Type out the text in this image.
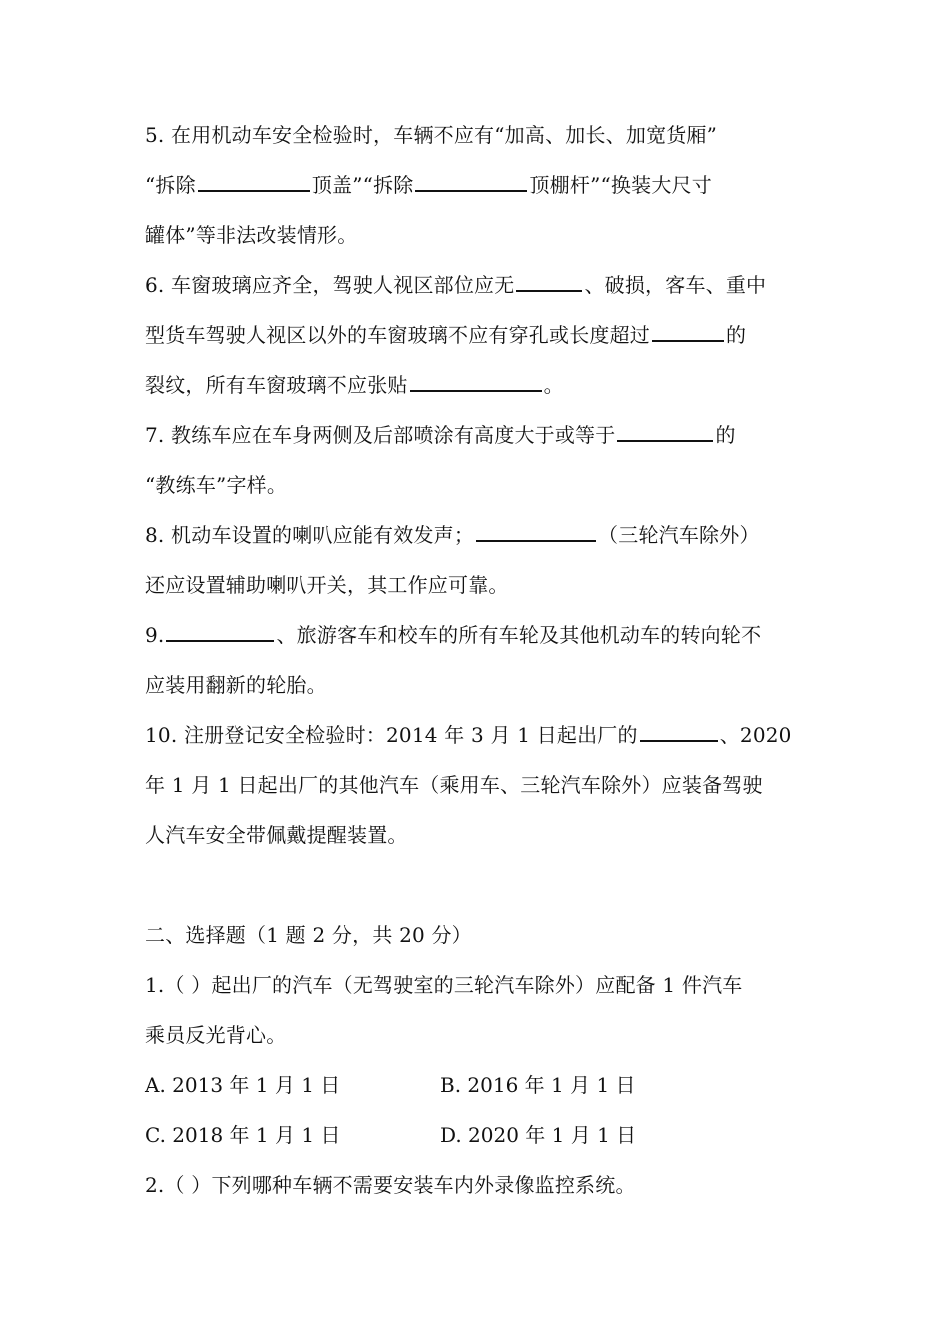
5. 在用机动车安全检验时，车辆不应有“加高、加长、加宽货厢”
“拆除	顶盖”“拆除	顶棚杆”“换装大尺寸
罐体”等非法改装情形。
6. 车窗玻璃应齐全，驾驶人视区部位应无	、破损，客车、重中
型货车驾驶人视区以外的车窗玻璃不应有穿孔或长度超过	的
裂纹，所有车窗玻璃不应张贴	。
7. 教练车应在车身两侧及后部喷涂有高度大于或等于	的
“教练车”字样。
8. 机动车设置的喇叭应能有效发声；	（三轮汽车除外）
还应设置辅助喇叭开关，其工作应可靠。
9.	、旅游客车和校车的所有车轮及其他机动车的转向轮不
应装用翻新的轮胎。
10. 注册登记安全检验时：2014 年 3 月 1 日起出厂的	、2020
年 1 月 1 日起出厂的其他汽车（乘用车、三轮汽车除外）应装备驾驶
人汽车安全带佩戴提醒装置。
二、选择题（1 题 2 分，共 20 分）
1.（ ）起出厂的汽车（无驾驶室的三轮汽车除外）应配备 1 件汽车
乘员反光背心。
A. 2013 年 1 月 1 日	B. 2016 年 1 月 1 日
C. 2018 年 1 月 1 日	D. 2020 年 1 月 1 日
2.（ ）下列哪种车辆不需要安装车内外录像监控系统。
